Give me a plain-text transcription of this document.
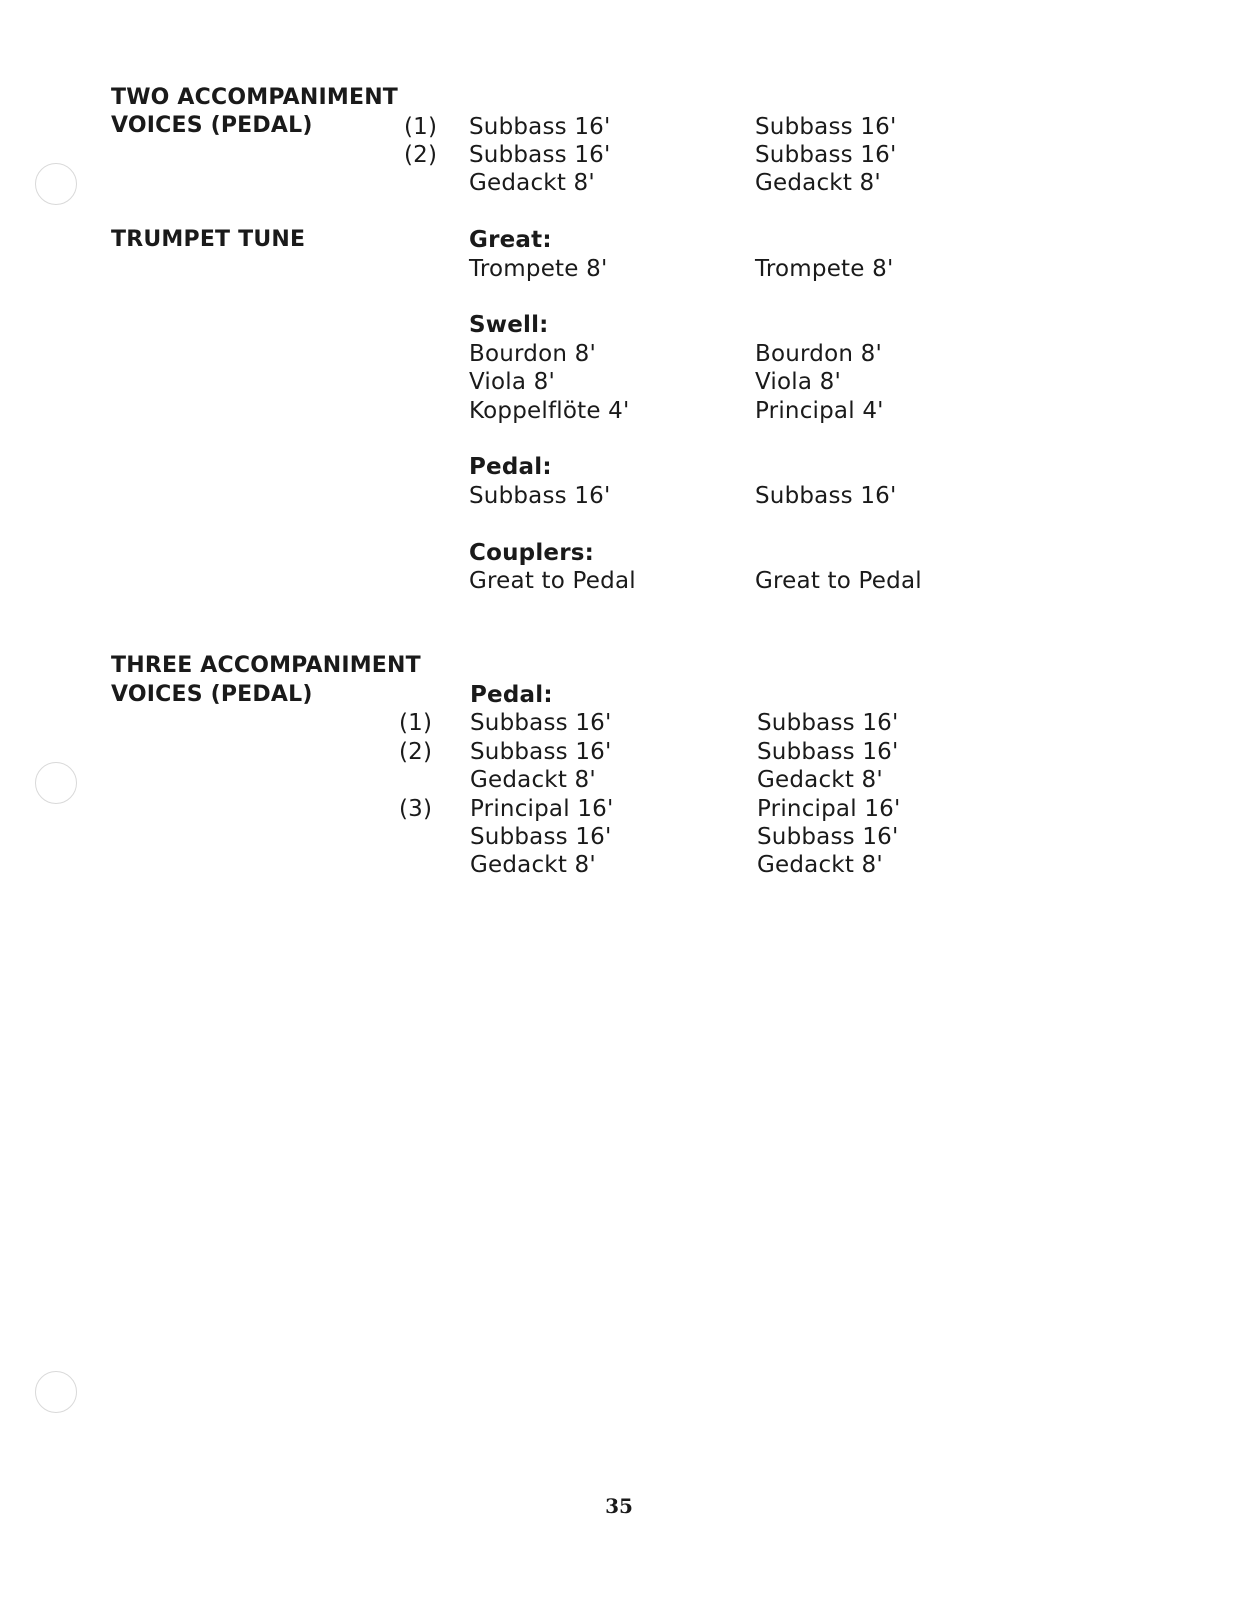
TWO ACCOMPANIMENT
VOICES (PEDAL)	(1) Subbass 16'	Subbass 16'
(2) Subbass 16'	Subbass 16'
Gedackt 8'	Gedackt 8'
TRUMPET TUNE	Great:
Trompete 8'	Trompete 8'
Swell:
Bourdon 8'	Bourdon 8'
Viola 8'	Viola 8'
Koppelflöte 4'	Principal 4'
Pedal:
Subbass 16'	Subbass 16'
Couplers:
Great to Pedal	Great to Pedal
THREE ACCOMPANIMENT
VOICES (PEDAL)	Pedal:
(1) Subbass 16'	Subbass 16'
(2) Subbass 16'	Subbass 16'
Gedackt 8'	Gedackt 8'
(3) Principal 16'	Principal 16'
Subbass 16'	Subbass 16'
Gedackt 8'	Gedackt 8'
35
